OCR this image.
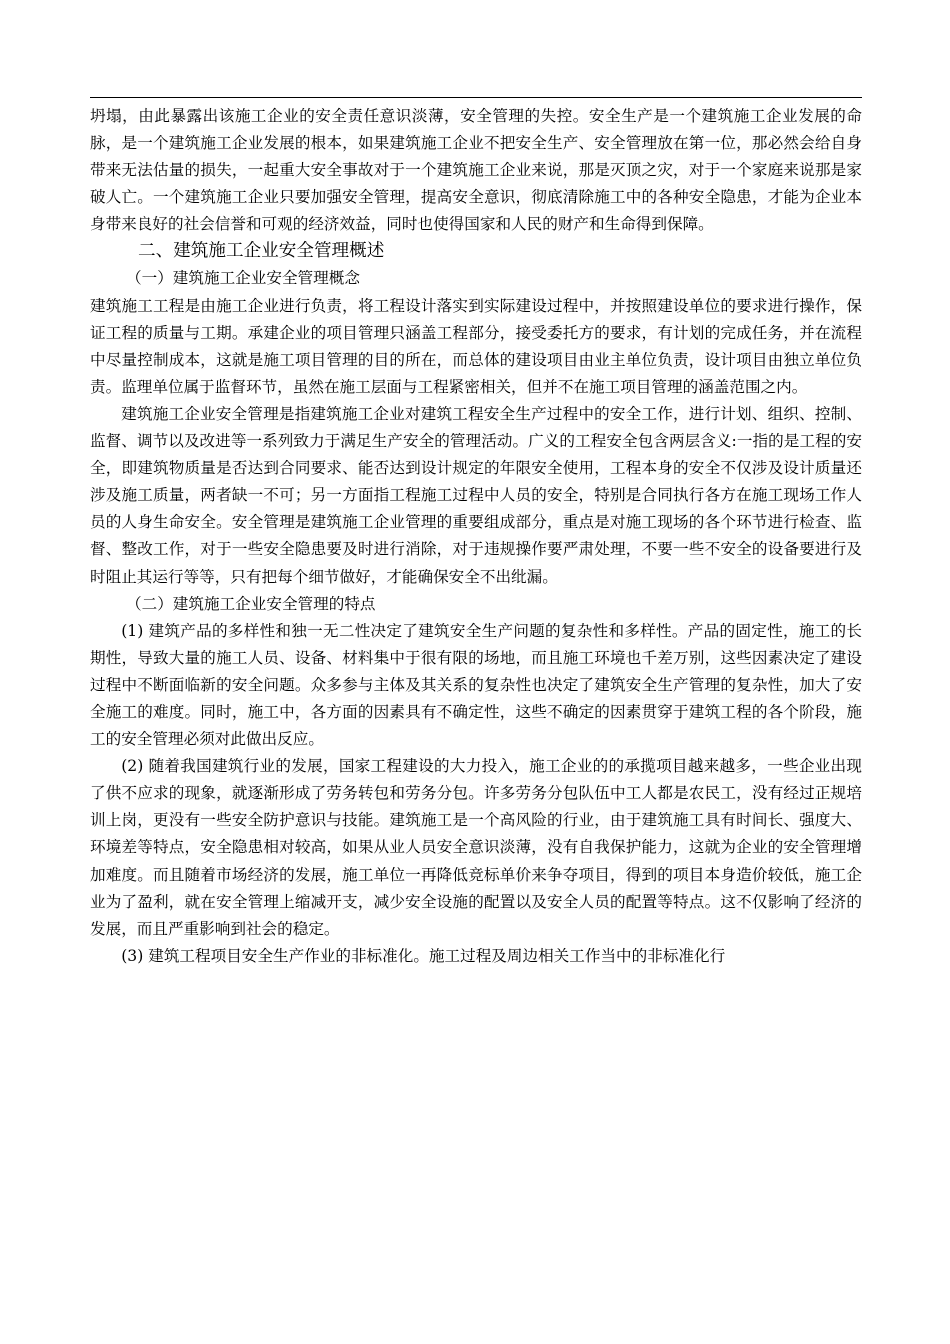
坍塌，由此暴露出该施工企业的安全责任意识淡薄，安全管理的失控。安全生产是一个建筑施工企业发展的命脉，是一个建筑施工企业发展的根本，如果建筑施工企业不把安全生产、安全管理放在第一位，那必然会给自身带来无法估量的损失，一起重大安全事故对于一个建筑施工企业来说，那是灭顶之灾，对于一个家庭来说那是家破人亡。一个建筑施工企业只要加强安全管理，提高安全意识，彻底清除施工中的各种安全隐患，才能为企业本身带来良好的社会信誉和可观的经济效益，同时也使得国家和人民的财产和生命得到保障。

二、建筑施工企业安全管理概述

（一）建筑施工企业安全管理概念

建筑施工工程是由施工企业进行负责，将工程设计落实到实际建设过程中，并按照建设单位的要求进行操作，保证工程的质量与工期。承建企业的项目管理只涵盖工程部分，接受委托方的要求，有计划的完成任务，并在流程中尽量控制成本，这就是施工项目管理的目的所在，而总体的建设项目由业主单位负责，设计项目由独立单位负责。监理单位属于监督环节，虽然在施工层面与工程紧密相关，但并不在施工项目管理的涵盖范围之内。

建筑施工企业安全管理是指建筑施工企业对建筑工程安全生产过程中的安全工作，进行计划、组织、控制、监督、调节以及改进等一系列致力于满足生产安全的管理活动。广义的工程安全包含两层含义:一指的是工程的安全，即建筑物质量是否达到合同要求、能否达到设计规定的年限安全使用，工程本身的安全不仅涉及设计质量还涉及施工质量，两者缺一不可；另一方面指工程施工过程中人员的安全，特别是合同执行各方在施工现场工作人员的人身生命安全。安全管理是建筑施工企业管理的重要组成部分，重点是对施工现场的各个环节进行检查、监督、整改工作，对于一些安全隐患要及时进行消除，对于违规操作要严肃处理，不要一些不安全的设备要进行及时阻止其运行等等，只有把每个细节做好，才能确保安全不出纰漏。

（二）建筑施工企业安全管理的特点

(1) 建筑产品的多样性和独一无二性决定了建筑安全生产问题的复杂性和多样性。产品的固定性，施工的长期性，导致大量的施工人员、设备、材料集中于很有限的场地，而且施工环境也千差万别，这些因素决定了建设过程中不断面临新的安全问题。众多参与主体及其关系的复杂性也决定了建筑安全生产管理的复杂性，加大了安全施工的难度。同时，施工中，各方面的因素具有不确定性，这些不确定的因素贯穿于建筑工程的各个阶段，施工的安全管理必须对此做出反应。

(2) 随着我国建筑行业的发展，国家工程建设的大力投入，施工企业的的承揽项目越来越多，一些企业出现了供不应求的现象，就逐渐形成了劳务转包和劳务分包。许多劳务分包队伍中工人都是农民工，没有经过正规培训上岗，更没有一些安全防护意识与技能。建筑施工是一个高风险的行业，由于建筑施工具有时间长、强度大、环境差等特点，安全隐患相对较高，如果从业人员安全意识淡薄，没有自我保护能力，这就为企业的安全管理增加难度。而且随着市场经济的发展，施工单位一再降低竞标单价来争夺项目，得到的项目本身造价较低，施工企业为了盈利，就在安全管理上缩减开支，减少安全设施的配置以及安全人员的配置等特点。这不仅影响了经济的发展，而且严重影响到社会的稳定。

(3) 建筑工程项目安全生产作业的非标准化。施工过程及周边相关工作当中的非标准化行
